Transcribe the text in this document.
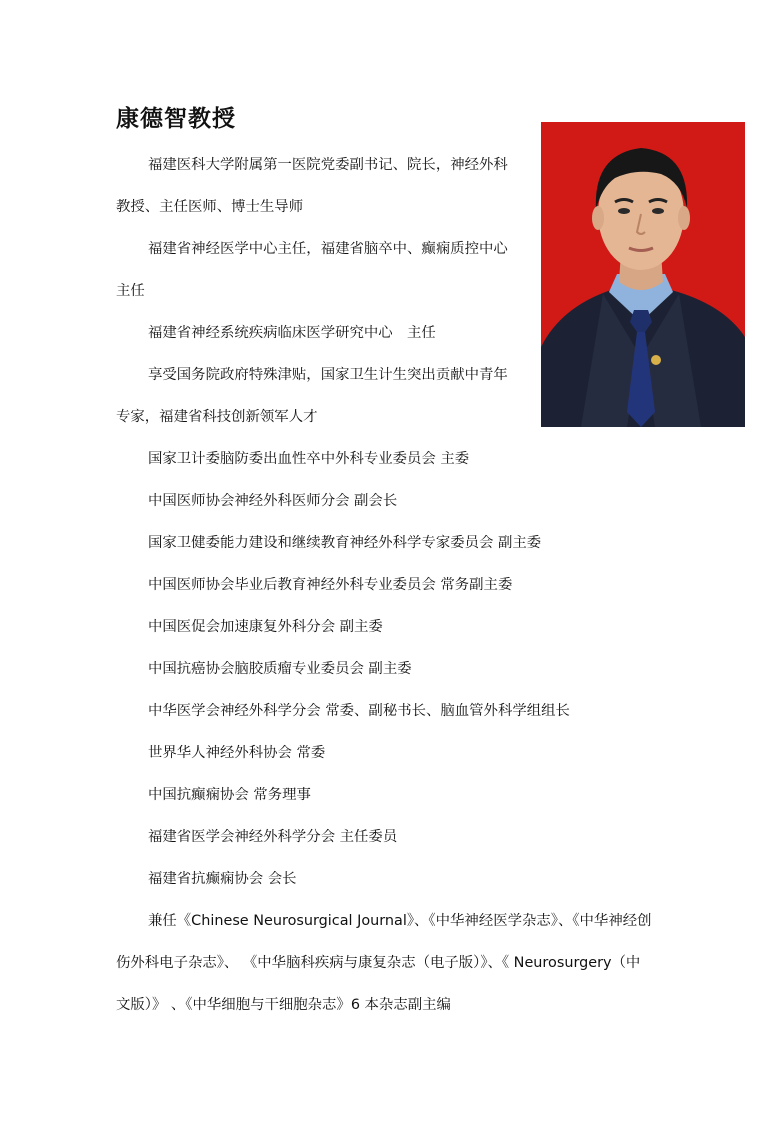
康德智教授
福建医科大学附属第一医院党委副书记、院长，神经外科
教授、主任医师、博士生导师
福建省神经医学中心主任，福建省脑卒中、癫痫质控中心
主任
福建省神经系统疾病临床医学研究中心　主任
享受国务院政府特殊津贴，国家卫生计生突出贡献中青年
专家，福建省科技创新领军人才
国家卫计委脑防委出血性卒中外科专业委员会 主委
中国医师协会神经外科医师分会 副会长
国家卫健委能力建设和继续教育神经外科学专家委员会 副主委
中国医师协会毕业后教育神经外科专业委员会 常务副主委
中国医促会加速康复外科分会 副主委
中国抗癌协会脑胶质瘤专业委员会 副主委
中华医学会神经外科学分会 常委、副秘书长、脑血管外科学组组长
世界华人神经外科协会 常委
中国抗癫痫协会 常务理事
福建省医学会神经外科学分会 主任委员
福建省抗癫痫协会 会长
兼任《Chinese Neurosurgical Journal》、《中华神经医学杂志》、《中华神经创
伤外科电子杂志》、 《中华脑科疾病与康复杂志（电子版）》、《 Neurosurgery（中
文版）》 、《中华细胞与干细胞杂志》6 本杂志副主编
